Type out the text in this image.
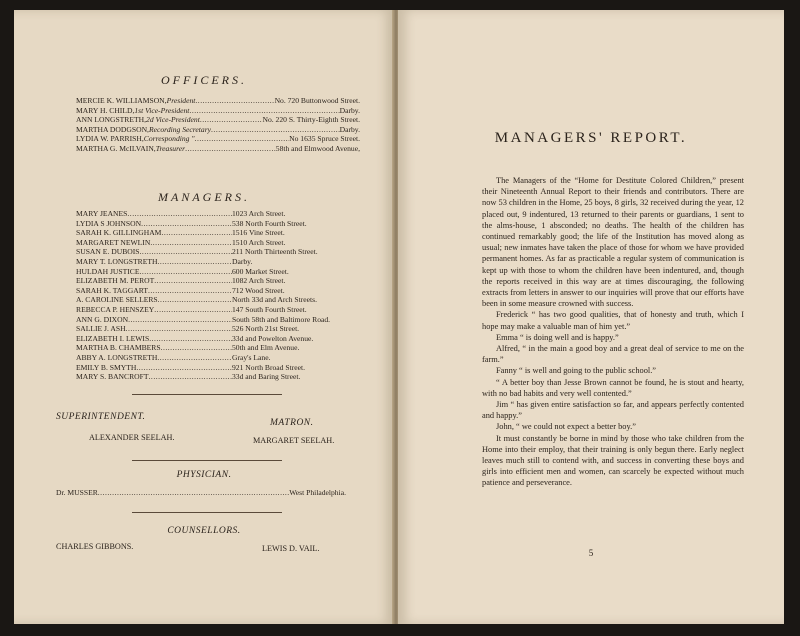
OFFICERS.
MERCIE K. WILLIAMSON, President .....	No. 720 Buttonwood Street.
MARY H. CHILD, 1st Vice-President .....	Darby.
ANN LONGSTRETH, 2d Vice-President .....	No. 220 S. Thirty-Eighth Street.
MARTHA DODGSON, Recording Secretary .....	Darby.
LYDIA W. PARRISH, Corresponding " .....	No 1635 Spruce Street.
MARTHA G. McILVAIN, Treasurer .....	58th and Elmwood Avenue,
MANAGERS.
MARY JEANES .....	1023 Arch Street.
LYDIA S JOHNSON .....	538 North Fourth Street.
SARAH K. GILLINGHAM .....	1516 Vine Street.
MARGARET NEWLIN .....	1510 Arch Street.
SUSAN E. DUBOIS .....	211 North Thirteenth Street.
MARY T. LONGSTRETH .....	Darby.
HULDAH JUSTICE .....	600 Market Street.
ELIZABETH M. PEROT .....	1082 Arch Street.
SARAH K. TAGGART .....	712 Wood Street.
A. CAROLINE SELLERS .....	North 33d and Arch Streets.
REBECCA P. HENSZEY .....	147 South Fourth Street.
ANN G. DIXON .....	South 58th and Baltimore Road.
SALLIE J. ASH .....	526 North 21st Street.
ELIZABETH I. LEWIS .....	33d and Powelton Avenue.
MARTHA B. CHAMBERS .....	50th and Elm Avenue.
ABBY A. LONGSTRETH .....	Gray's Lane.
EMILY B. SMYTH .....	921 North Broad Street.
MARY S. BANCROFT .....	33d and Baring Street.
SUPERINTENDENT.
MATRON.
ALEXANDER SEELAH.	MARGARET SEELAH.
PHYSICIAN.
Dr. MUSSER .....	West Philadelphia.
COUNSELLORS.
CHARLES GIBBONS.	LEWIS D. VAIL.
MANAGERS' REPORT.

The Managers of the “Home for Destitute Colored Children,” present their Nineteenth Annual Report to their friends and contributors. There are now 53 children in the Home, 25 boys, 8 girls, 32 received during the year, 12 placed out, 9 indentured, 13 returned to their parents or guardians, 1 sent to the alms-house, 1 absconded; no deaths. The health of the children has continued remarkably good; the life of the Institution has moved along as usual; new inmates have taken the place of those for whom we have provided permanent homes. As far as practicable a regular system of communication is kept up with those to whom the children have been indentured, and, though the reports received in this way are at times discouraging, the following extracts from letters in answer to our inquiries will prove that our efforts have been in some measure crowned with success.

Frederick “ has two good qualities, that of honesty and truth, which I hope may make a valuable man of him yet.”

Emma “ is doing well and is happy.”

Alfred, “ in the main a good boy and a great deal of service to me on the farm.”

Fanny “ is well and going to the public school.”

“ A better boy than Jesse Brown cannot be found, he is stout and hearty, with no bad habits and very well contented.”

Jim “ has given entire satisfaction so far, and appears perfectly contented and happy.”

John, “ we could not expect a better boy.”

It must constantly be borne in mind by those who take children from the Home into their employ, that their training is only begun there. Early neglect leaves much still to contend with, and success in converting these boys and girls into efficient men and women, can scarcely be expected without much patience and perseverance.

5
